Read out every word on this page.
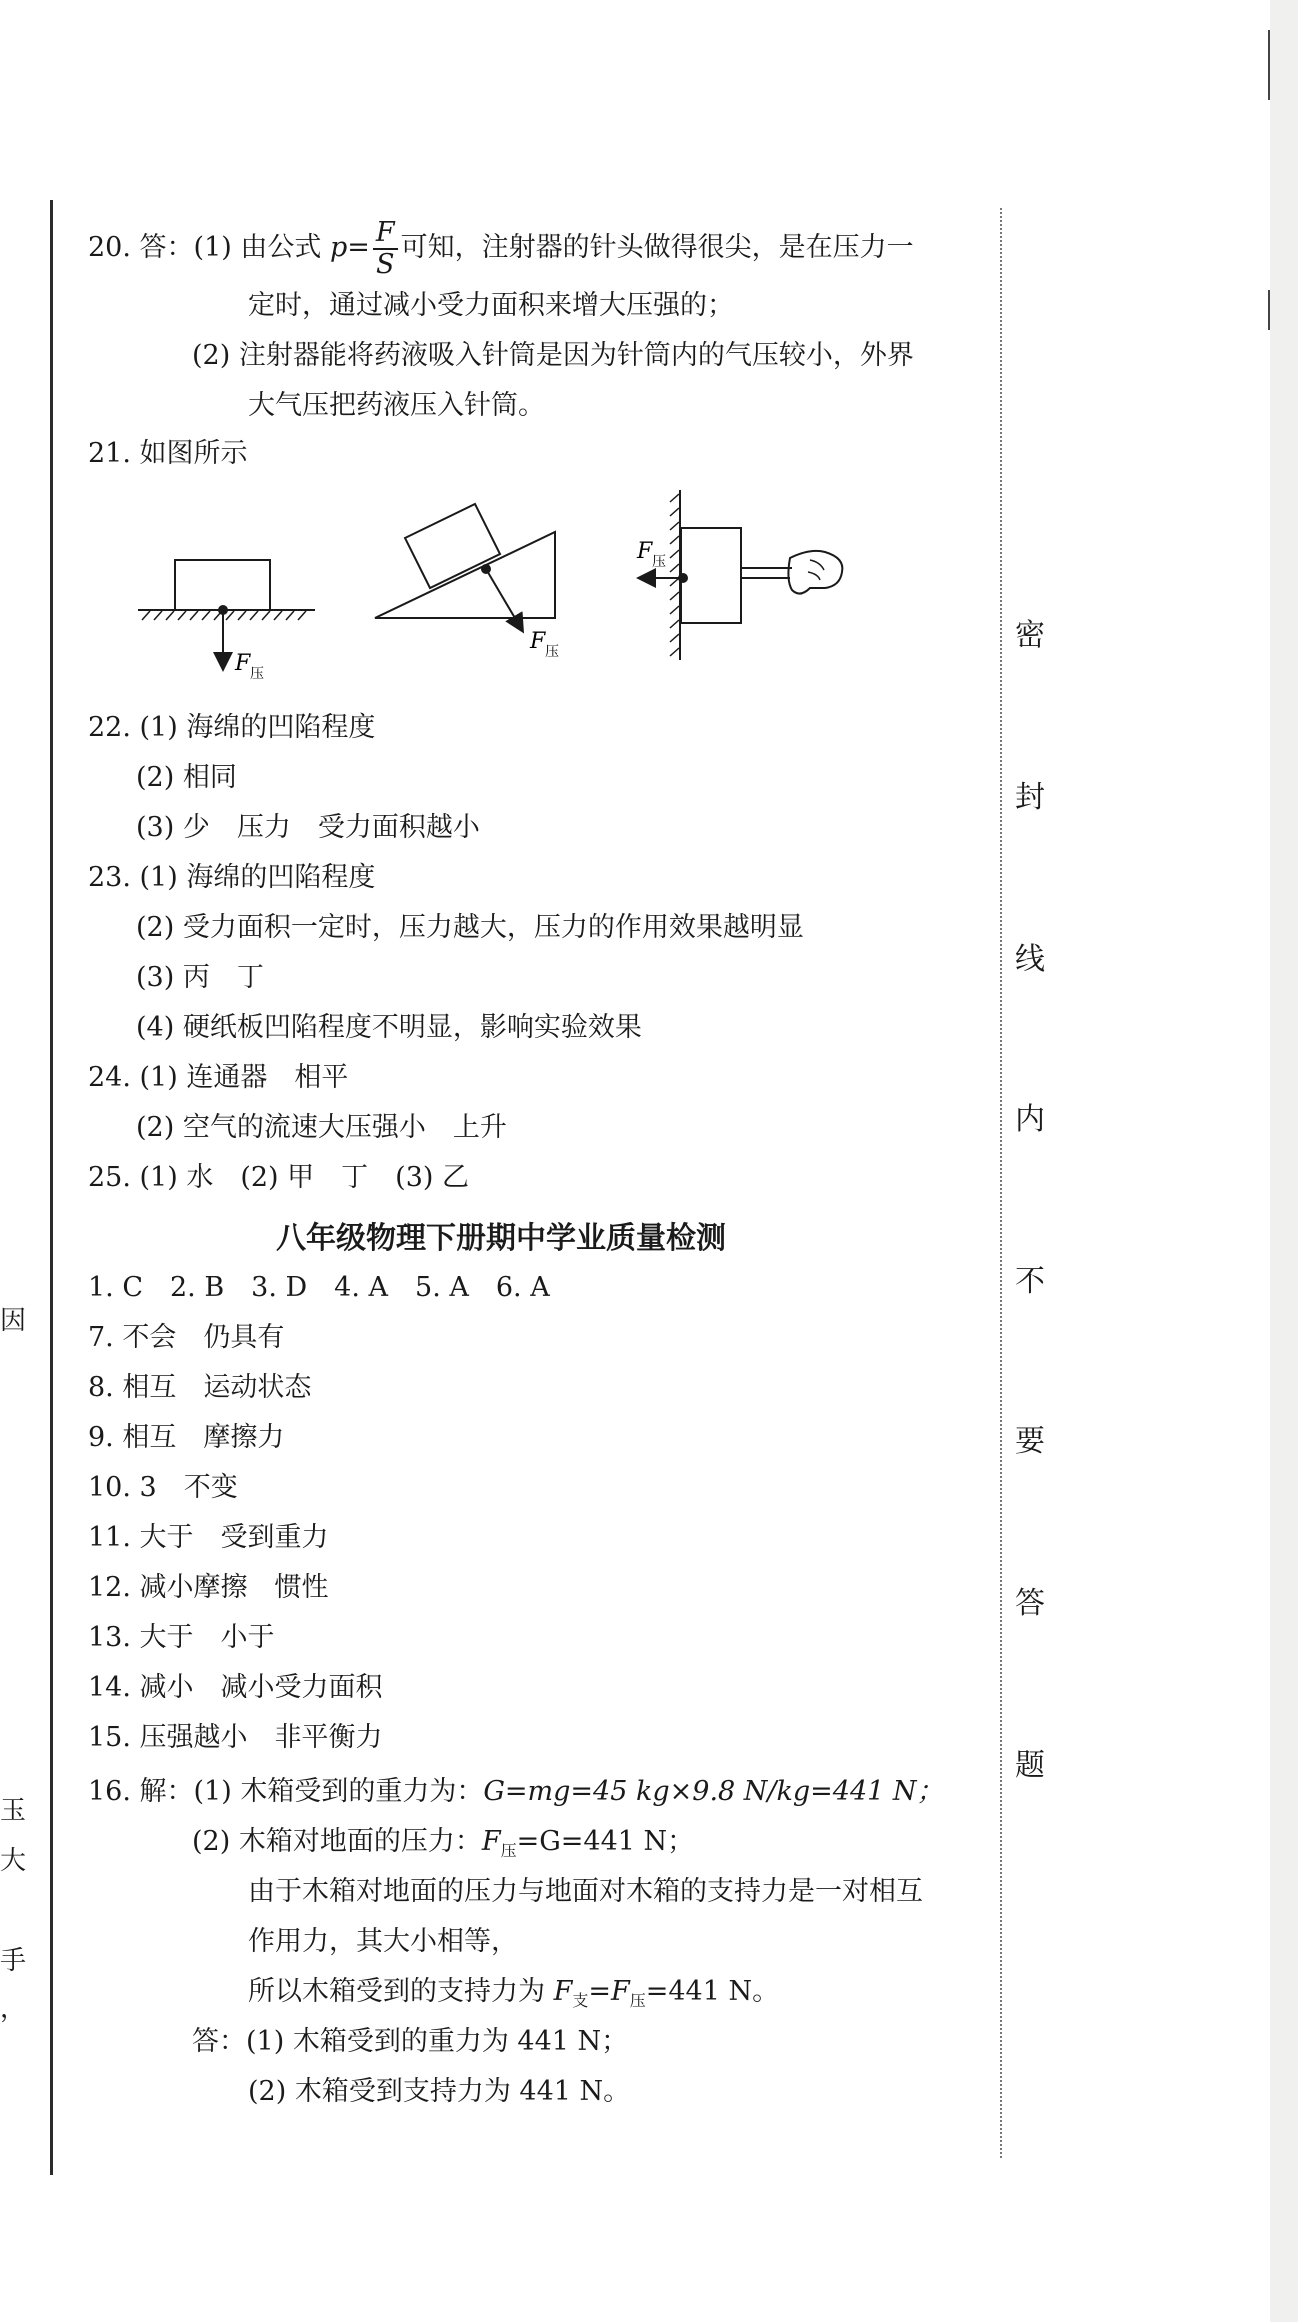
20. 答：(1) 由公式 $p= \frac{F}{S}$ 可知，注射器的针头做得很尖，是在压力一
定时，通过减小受力面积来增大压强的；
(2) 注射器能将药液吸入针筒是因为针筒内的气压较小，外界
大气压把药液压入针筒。
21. 如图所示
F 压
F 压
F 压
22. (1) 海绵的凹陷程度
(2) 相同
(3) 少　压力　受力面积越小
23. (1) 海绵的凹陷程度
(2) 受力面积一定时，压力越大，压力的作用效果越明显
(3) 丙　丁
(4) 硬纸板凹陷程度不明显，影响实验效果
24. (1) 连通器　相平
(2) 空气的流速大压强小　上升
25. (1) 水　(2) 甲　丁　(3) 乙
八年级物理下册期中学业质量检测
1. C　2. B　3. D　4. A　5. A　6. A
7. 不会　仍具有
8. 相互　运动状态
9. 相互　摩擦力
10. 3　不变
11. 大于　受到重力
12. 减小摩擦　惯性
13. 大于　小于
14. 减小　减小受力面积
15. 压强越小　非平衡力
16. 解：(1) 木箱受到的重力为：G=mg=45 kg×9.8 N/kg=441 N；
(2) 木箱对地面的压力：$F_压=G=441$ N；
由于木箱对地面的压力与地面对木箱的支持力是一对相互
作用力，其大小相等，
所以木箱受到的支持力为 $F_支=F_压=441$ N。
答：(1) 木箱受到的重力为 441 N；
(2) 木箱受到支持力为 441 N。
密
封
线
内
不
要
答
题
因
玉
大
手
，
